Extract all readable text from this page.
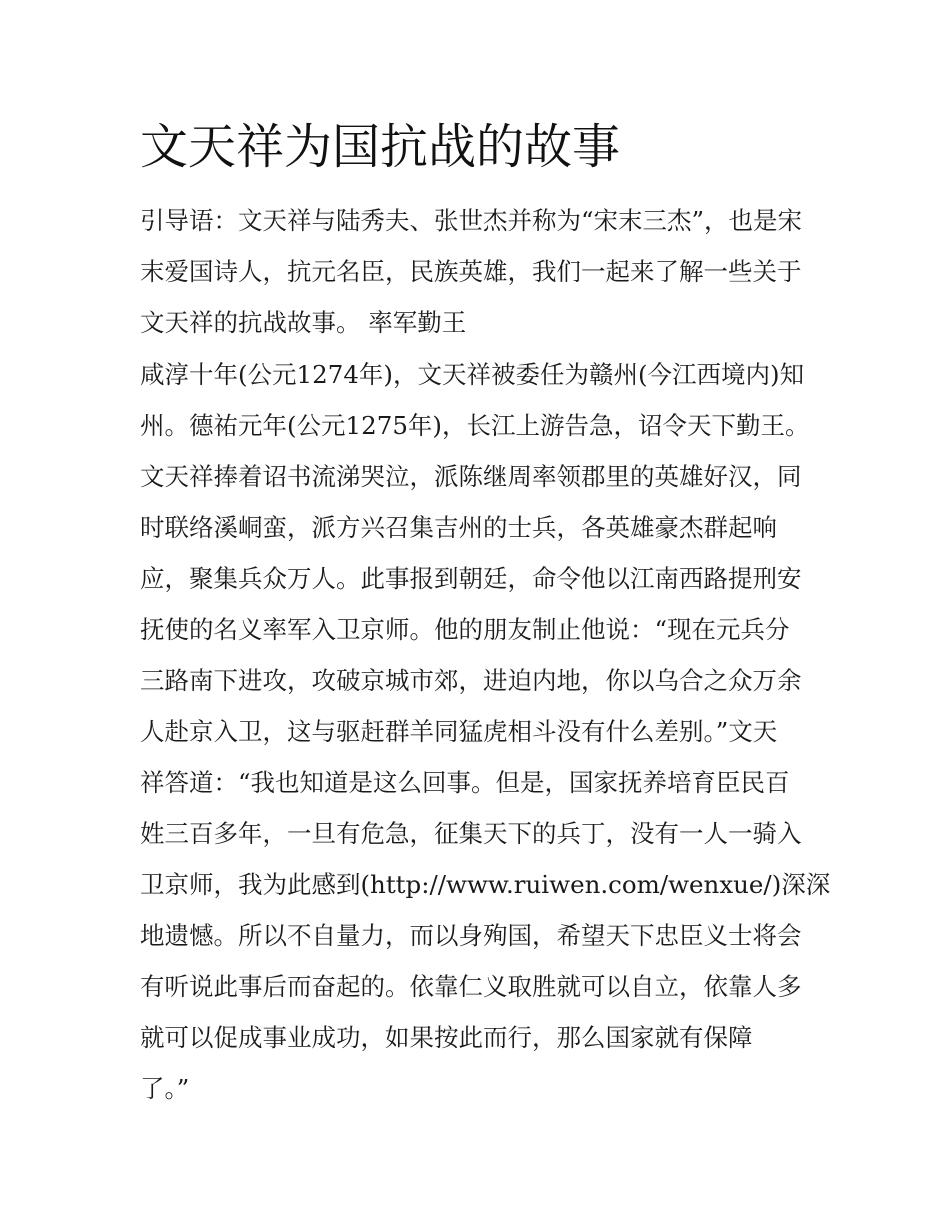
文天祥为国抗战的故事

引导语：文天祥与陆秀夫、张世杰并称为“宋末三杰”，也是宋
末爱国诗人，抗元名臣，民族英雄，我们一起来了解一些关于
文天祥的抗战故事。 率军勤王

咸淳十年(公元1274年)，文天祥被委任为赣州(今江西境内)知
州。德祐元年(公元1275年)，长江上游告急，诏令天下勤王。
文天祥捧着诏书流涕哭泣，派陈继周率领郡里的英雄好汉，同
时联络溪峒蛮，派方兴召集吉州的士兵，各英雄豪杰群起响
应，聚集兵众万人。此事报到朝廷，命令他以江南西路提刑安
抚使的名义率军入卫京师。他的朋友制止他说：“现在元兵分
三路南下进攻，攻破京城市郊，进迫内地，你以乌合之众万余
人赴京入卫，这与驱赶群羊同猛虎相斗没有什么差别。”文天
祥答道：“我也知道是这么回事。但是，国家抚养培育臣民百
姓三百多年，一旦有危急，征集天下的兵丁，没有一人一骑入
卫京师，我为此感到(http://www.ruiwen.com/wenxue/)深深
地遗憾。所以不自量力，而以身殉国，希望天下忠臣义士将会
有听说此事后而奋起的。依靠仁义取胜就可以自立，依靠人多
就可以促成事业成功，如果按此而行，那么国家就有保障
了。”
